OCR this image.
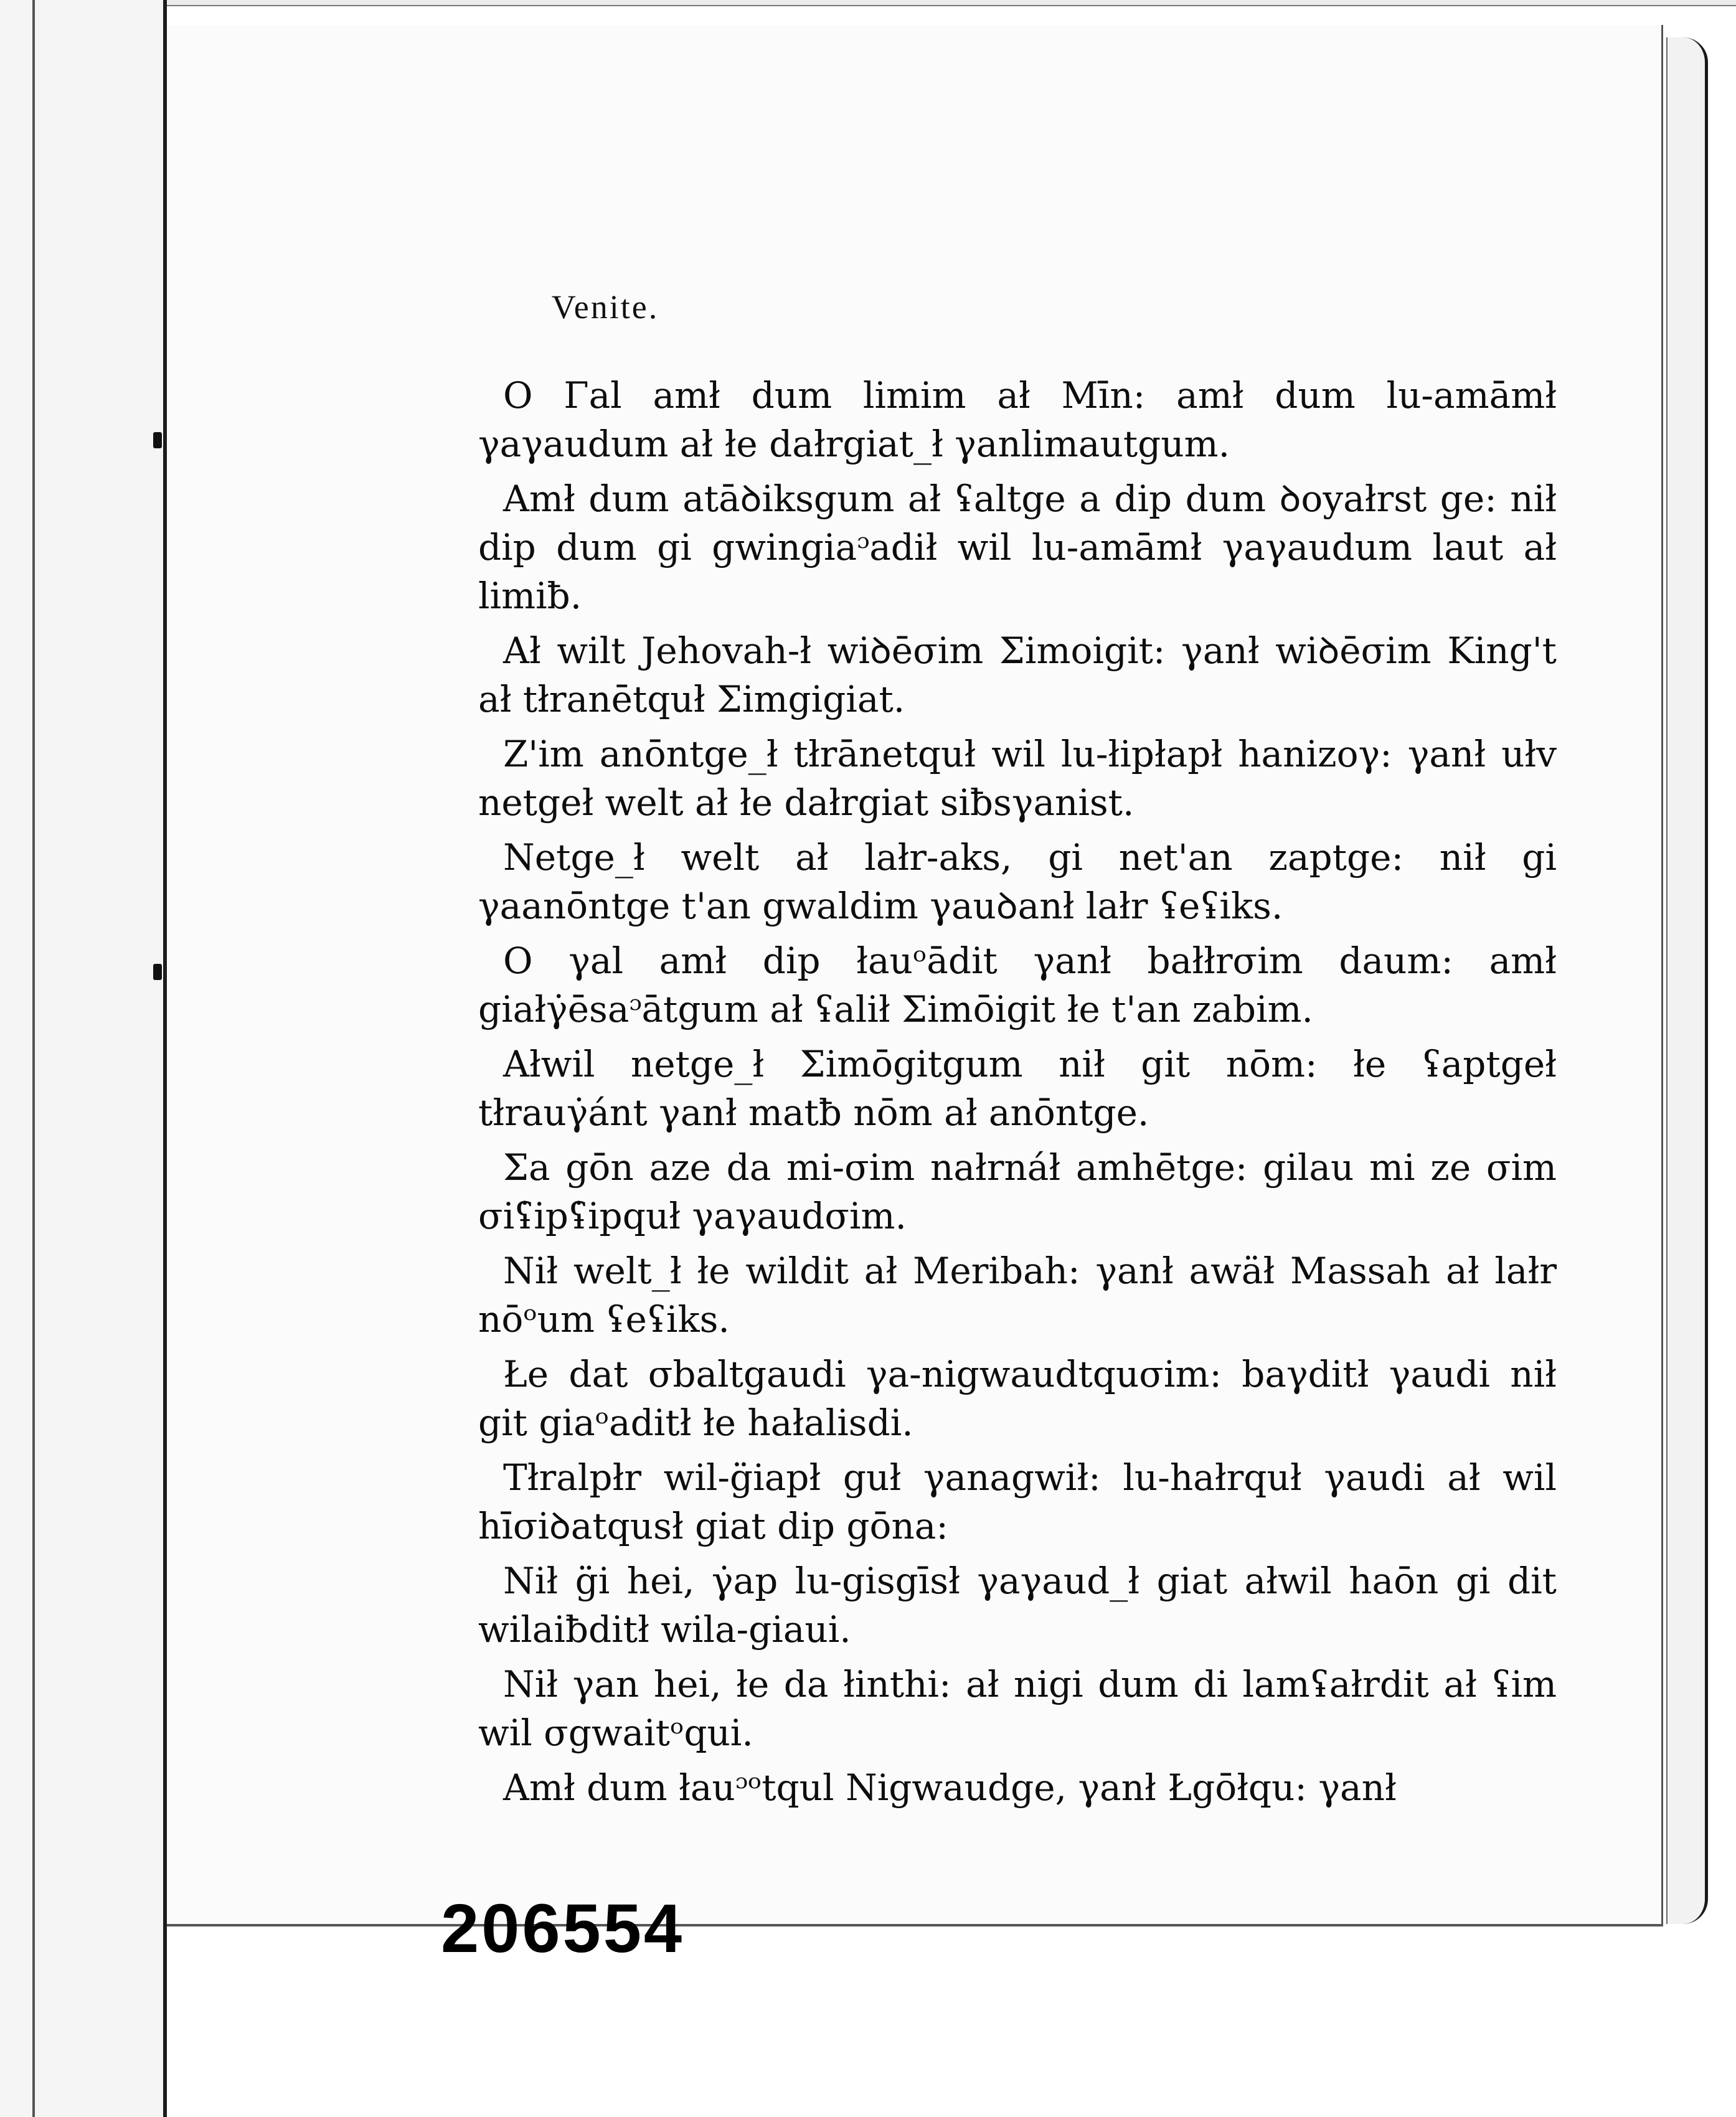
Venite.

O Γal amł dum limim ał Mīn: amł dum lu-amāmł γaγaudum ał łe dałrgiat_ł γanlimautgum.

Amł dum atāꝺiksgum ał ʢaltge a dip dum ꝺoyałrst ge: nił dip dum gi gwingiaᵓadił wil lu-amāmł γaγaudum laut ał limiƀ.

Ał wilt Jehovah-ł wiꝺēσim Σimoigit: γanł wiꝺēσim King't ał tłranētquł Σimgigiat.

Z'im anōntge_ł tłrānetquł wil lu-łipłapł hanizoγ: γanł ułv netgeł welt ał łe dałrgiat siƀsγanist.

Netge_ł welt ał lałr-aks, gi net'an zaptge: nił gi γaanōntge t'an gwaldim γauꝺanł lałr ʢeʢiks.

O γal amł dip łauᵒādit γanł bałłrσim daum: amł giałγ̇ēsaᵓātgum ał ʢalił Σimōigit łe t'an zabim.

Ałwil netge_ł Σimōgitgum nił git nōm: łe ʢaptgeł tłrauγ̇ánt γanł matƀ nōm ał anōntge.

Σa gōn aze da mi-σim nałrnáł amhētge: gilau mi ze σim σiʢ̇ipʢ̇ipquł γaγaudσim.

Nił welt_ł łe wildit ał Meribah: γanł awäł Massah ał lałr nōᵒum ʢeʢiks.

Łe dat σbaltgaudi γa-nigwaudtquσim: baγditł γaudi nił git giaᵒaditł łe hałalisdi.

Tłralpłr wil-g̈iapł guł γanagwił: lu-hałrquł γaudi ał wil hīσiꝺatqusł giat dip gōna:

Nił g̈i hei, γ̇ap lu-gisgīsł γaγaud_ł giat ałwil haōn gi dit wilaiƀditł wila-giaui.

Nił γan hei, łe da łinthi: ał nigi dum di lamʢałrdit ał ʢim wil σgwaitᵒqui.

Amł dum łauᵓᵒtqul Nigwaudge, γanł Łgōłqu: γanł

206554
